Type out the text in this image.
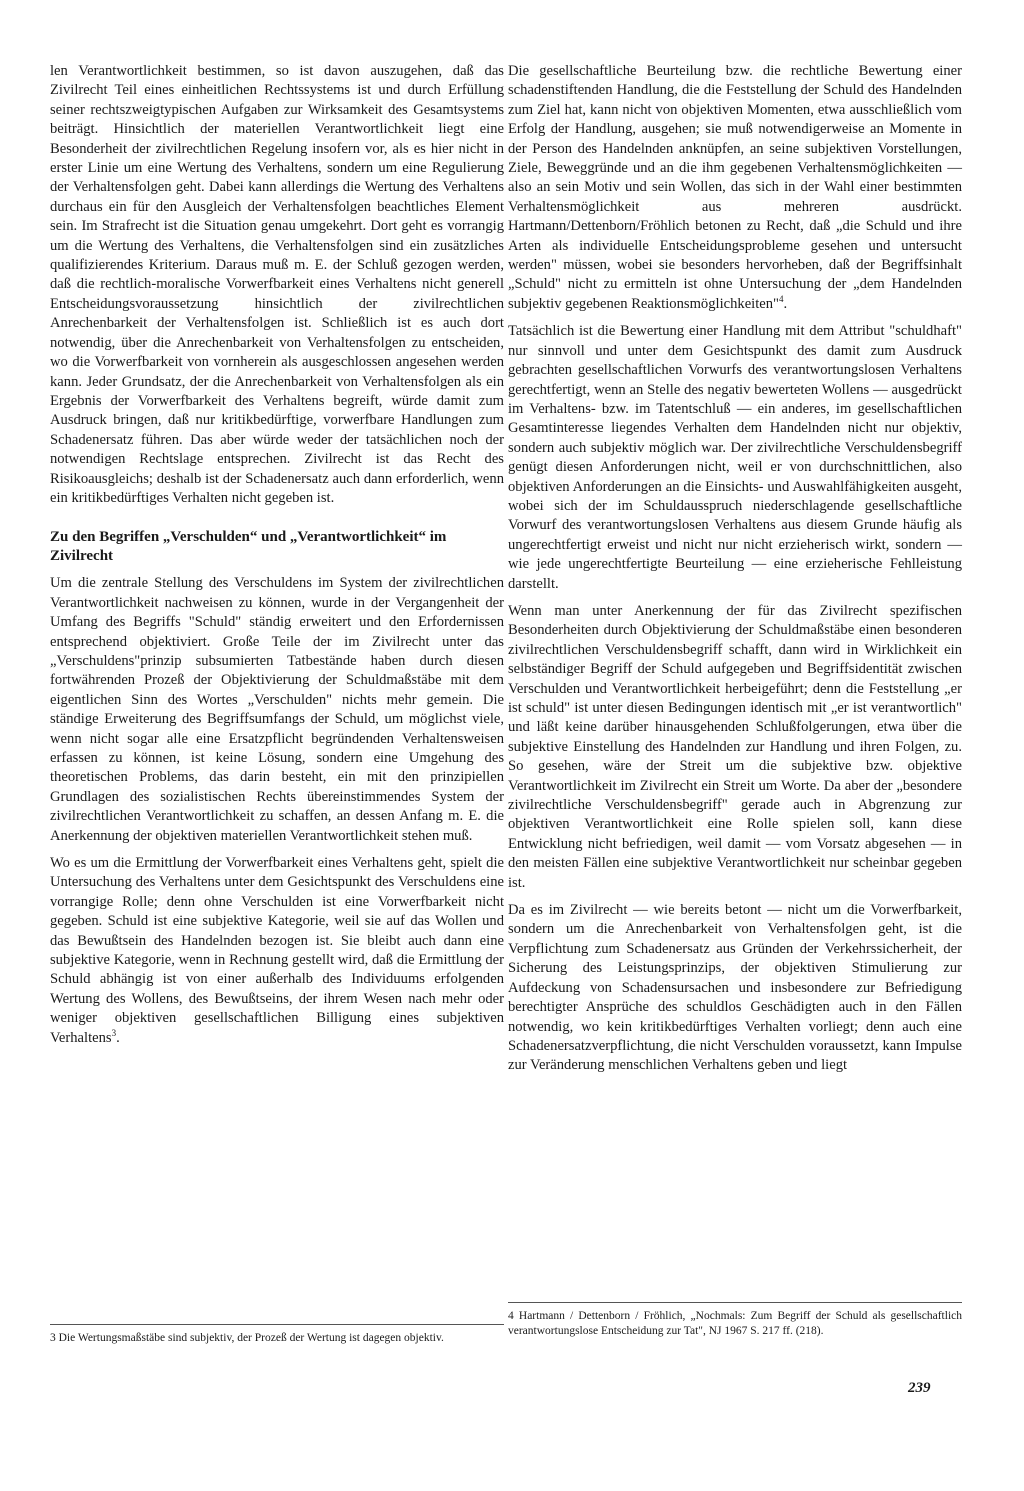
len Verantwortlichkeit bestimmen, so ist davon auszugehen, daß das Zivilrecht Teil eines einheitlichen Rechtssystems ist und durch Erfüllung seiner rechtszweigtypischen Aufgaben zur Wirksamkeit des Gesamtsystems beiträgt. Hinsichtlich der materiellen Verantwortlichkeit liegt eine Besonderheit der zivilrechtlichen Regelung insofern vor, als es hier nicht in erster Linie um eine Wertung des Verhaltens, sondern um eine Regulierung der Verhaltensfolgen geht. Dabei kann allerdings die Wertung des Verhaltens durchaus ein für den Ausgleich der Verhaltensfolgen beachtliches Element sein. Im Strafrecht ist die Situation genau umgekehrt. Dort geht es vorrangig um die Wertung des Verhaltens, die Verhaltensfolgen sind ein zusätzliches qualifizierendes Kriterium. Daraus muß m. E. der Schluß gezogen werden, daß die rechtlich-moralische Vorwerfbarkeit eines Verhaltens nicht generell Entscheidungsvoraussetzung hinsichtlich der zivilrechtlichen Anrechenbarkeit der Verhaltensfolgen ist. Schließlich ist es auch dort notwendig, über die Anrechenbarkeit von Verhaltensfolgen zu entscheiden, wo die Vorwerfbarkeit von vornherein als ausgeschlossen angesehen werden kann. Jeder Grundsatz, der die Anrechenbarkeit von Verhaltensfolgen als ein Ergebnis der Vorwerfbarkeit des Verhaltens begreift, würde damit zum Ausdruck bringen, daß nur kritikbedürftige, vorwerfbare Handlungen zum Schadenersatz führen. Das aber würde weder der tatsächlichen noch der notwendigen Rechtslage entsprechen. Zivilrecht ist das Recht des Risikoausgleichs; deshalb ist der Schadenersatz auch dann erforderlich, wenn ein kritikbedürftiges Verhalten nicht gegeben ist.

Zu den Begriffen „Verschulden“ und „Verantwortlichkeit“ im Zivilrecht

Um die zentrale Stellung des Verschuldens im System der zivilrechtlichen Verantwortlichkeit nachweisen zu können, wurde in der Vergangenheit der Umfang des Begriffs "Schuld" ständig erweitert und den Erfordernissen entsprechend objektiviert. Große Teile der im Zivilrecht unter das „Verschuldens"prinzip subsumierten Tatbestände haben durch diesen fortwährenden Prozeß der Objektivierung der Schuldmaßstäbe mit dem eigentlichen Sinn des Wortes „Verschulden" nichts mehr gemein. Die ständige Erweiterung des Begriffsumfangs der Schuld, um möglichst viele, wenn nicht sogar alle eine Ersatzpflicht begründenden Verhaltensweisen erfassen zu können, ist keine Lösung, sondern eine Umgehung des theoretischen Problems, das darin besteht, ein mit den prinzipiellen Grundlagen des sozialistischen Rechts übereinstimmendes System der zivilrechtlichen Verantwortlichkeit zu schaffen, an dessen Anfang m. E. die Anerkennung der objektiven materiellen Verantwortlichkeit stehen muß.

Wo es um die Ermittlung der Vorwerfbarkeit eines Verhaltens geht, spielt die Untersuchung des Verhaltens unter dem Gesichtspunkt des Verschuldens eine vorrangige Rolle; denn ohne Verschulden ist eine Vorwerfbarkeit nicht gegeben. Schuld ist eine subjektive Kategorie, weil sie auf das Wollen und das Bewußtsein des Handelnden bezogen ist. Sie bleibt auch dann eine subjektive Kategorie, wenn in Rechnung gestellt wird, daß die Ermittlung der Schuld abhängig ist von einer außerhalb des Individuums erfolgenden Wertung des Wollens, des Bewußtseins, der ihrem Wesen nach mehr oder weniger objektiven gesellschaftlichen Billigung eines subjektiven Verhaltens$^3$.

Die gesellschaftliche Beurteilung bzw. die rechtliche Bewertung einer schadenstiftenden Handlung, die die Feststellung der Schuld des Handelnden zum Ziel hat, kann nicht von objektiven Momenten, etwa ausschließlich vom Erfolg der Handlung, ausgehen; sie muß notwendigerweise an Momente in der Person des Handelnden anknüpfen, an seine subjektiven Vorstellungen, Ziele, Beweggründe und an die ihm gegebenen Verhaltensmöglichkeiten — also an sein Motiv und sein Wollen, das sich in der Wahl einer bestimmten Verhaltensmöglichkeit aus mehreren ausdrückt. Hartmann/Dettenborn/Fröhlich betonen zu Recht, daß „die Schuld und ihre Arten als individuelle Entscheidungsprobleme gesehen und untersucht werden" müssen, wobei sie besonders hervorheben, daß der Begriffsinhalt „Schuld" nicht zu ermitteln ist ohne Untersuchung der „dem Handelnden subjektiv gegebenen Reaktionsmöglichkeiten"$^4$.

Tatsächlich ist die Bewertung einer Handlung mit dem Attribut "schuldhaft" nur sinnvoll und unter dem Gesichtspunkt des damit zum Ausdruck gebrachten gesellschaftlichen Vorwurfs des verantwortungslosen Verhaltens gerechtfertigt, wenn an Stelle des negativ bewerteten Wollens — ausgedrückt im Verhaltens- bzw. im Tatentschluß — ein anderes, im gesellschaftlichen Gesamtinteresse liegendes Verhalten dem Handelnden nicht nur objektiv, sondern auch subjektiv möglich war. Der zivilrechtliche Verschuldensbegriff genügt diesen Anforderungen nicht, weil er von durchschnittlichen, also objektiven Anforderungen an die Einsichts- und Auswahlfähigkeiten ausgeht, wobei sich der im Schuldausspruch niederschlagende gesellschaftliche Vorwurf des verantwortungslosen Verhaltens aus diesem Grunde häufig als ungerechtfertigt erweist und nicht nur nicht erzieherisch wirkt, sondern — wie jede ungerechtfertigte Beurteilung — eine erzieherische Fehlleistung darstellt.

Wenn man unter Anerkennung der für das Zivilrecht spezifischen Besonderheiten durch Objektivierung der Schuldmaßstäbe einen besonderen zivilrechtlichen Verschuldensbegriff schafft, dann wird in Wirklichkeit ein selbständiger Begriff der Schuld aufgegeben und Begriffsidentität zwischen Verschulden und Verantwortlichkeit herbeigeführt; denn die Feststellung „er ist schuld" ist unter diesen Bedingungen identisch mit „er ist verantwortlich" und läßt keine darüber hinausgehenden Schlußfolgerungen, etwa über die subjektive Einstellung des Handelnden zur Handlung und ihren Folgen, zu. So gesehen, wäre der Streit um die subjektive bzw. objektive Verantwortlichkeit im Zivilrecht ein Streit um Worte. Da aber der „besondere zivilrechtliche Verschuldensbegriff" gerade auch in Abgrenzung zur objektiven Verantwortlichkeit eine Rolle spielen soll, kann diese Entwicklung nicht befriedigen, weil damit — vom Vorsatz abgesehen — in den meisten Fällen eine subjektive Verantwortlichkeit nur scheinbar gegeben ist.

Da es im Zivilrecht — wie bereits betont — nicht um die Vorwerfbarkeit, sondern um die Anrechenbarkeit von Verhaltensfolgen geht, ist die Verpflichtung zum Schadenersatz aus Gründen der Verkehrssicherheit, der Sicherung des Leistungsprinzips, der objektiven Stimulierung zur Aufdeckung von Schadensursachen und insbesondere zur Befriedigung berechtigter Ansprüche des schuldlos Geschädigten auch in den Fällen notwendig, wo kein kritikbedürftiges Verhalten vorliegt; denn auch eine Schadenersatzverpflichtung, die nicht Verschulden voraussetzt, kann Impulse zur Veränderung menschlichen Verhaltens geben und liegt

3 Die Wertungsmaßstäbe sind subjektiv, der Prozeß der Wertung ist dagegen objektiv.

4 Hartmann / Dettenborn / Fröhlich, „Nochmals: Zum Begriff der Schuld als gesellschaftlich verantwortungslose Entscheidung zur Tat", NJ 1967 S. 217 ff. (218).

239
